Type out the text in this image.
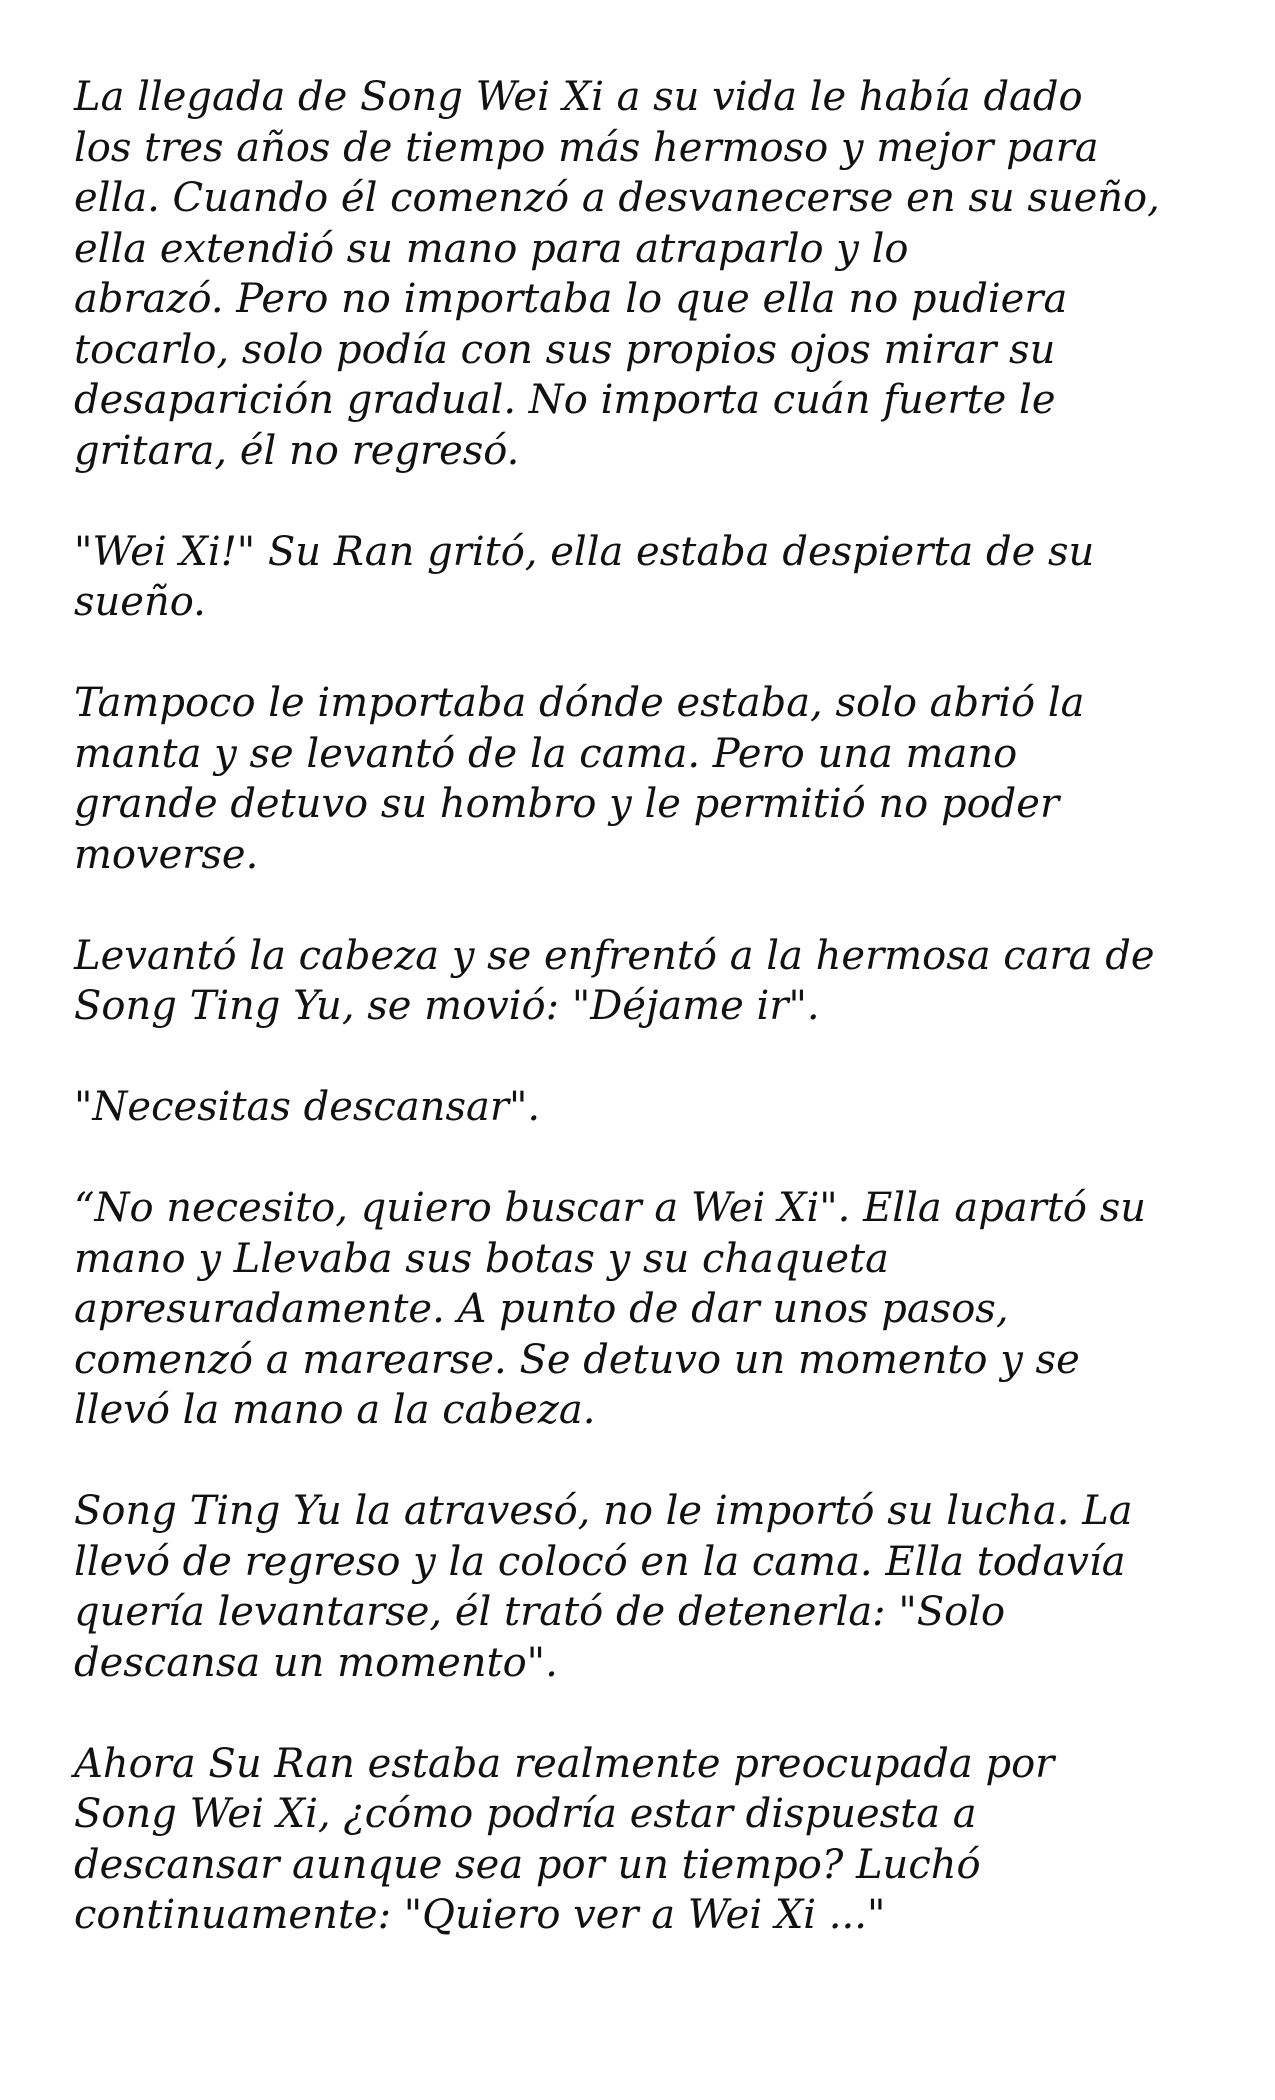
La llegada de Song Wei Xi a su vida le había dado
los tres años de tiempo más hermoso y mejor para
ella. Cuando él comenzó a desvanecerse en su sueño,
ella extendió su mano para atraparlo y lo
abrazó. Pero no importaba lo que ella no pudiera
tocarlo, solo podía con sus propios ojos mirar su
desaparición gradual. No importa cuán fuerte le
gritara, él no regresó.
"Wei Xi!" Su Ran gritó, ella estaba despierta de su
sueño.
Tampoco le importaba dónde estaba, solo abrió la
manta y se levantó de la cama. Pero una mano
grande detuvo su hombro y le permitió no poder
moverse.
Levantó la cabeza y se enfrentó a la hermosa cara de
Song Ting Yu, se movió: "Déjame ir".
"Necesitas descansar".
“No necesito, quiero buscar a Wei Xi". Ella apartó su
mano y Llevaba sus botas y su chaqueta
apresuradamente. A punto de dar unos pasos,
comenzó a marearse. Se detuvo un momento y se
llevó la mano a la cabeza.
Song Ting Yu la atravesó, no le importó su lucha. La
llevó de regreso y la colocó en la cama. Ella todavía
quería levantarse, él trató de detenerla: "Solo
descansa un momento".
Ahora Su Ran estaba realmente preocupada por
Song Wei Xi, ¿cómo podría estar dispuesta a
descansar aunque sea por un tiempo? Luchó
continuamente: "Quiero ver a Wei Xi ..."
